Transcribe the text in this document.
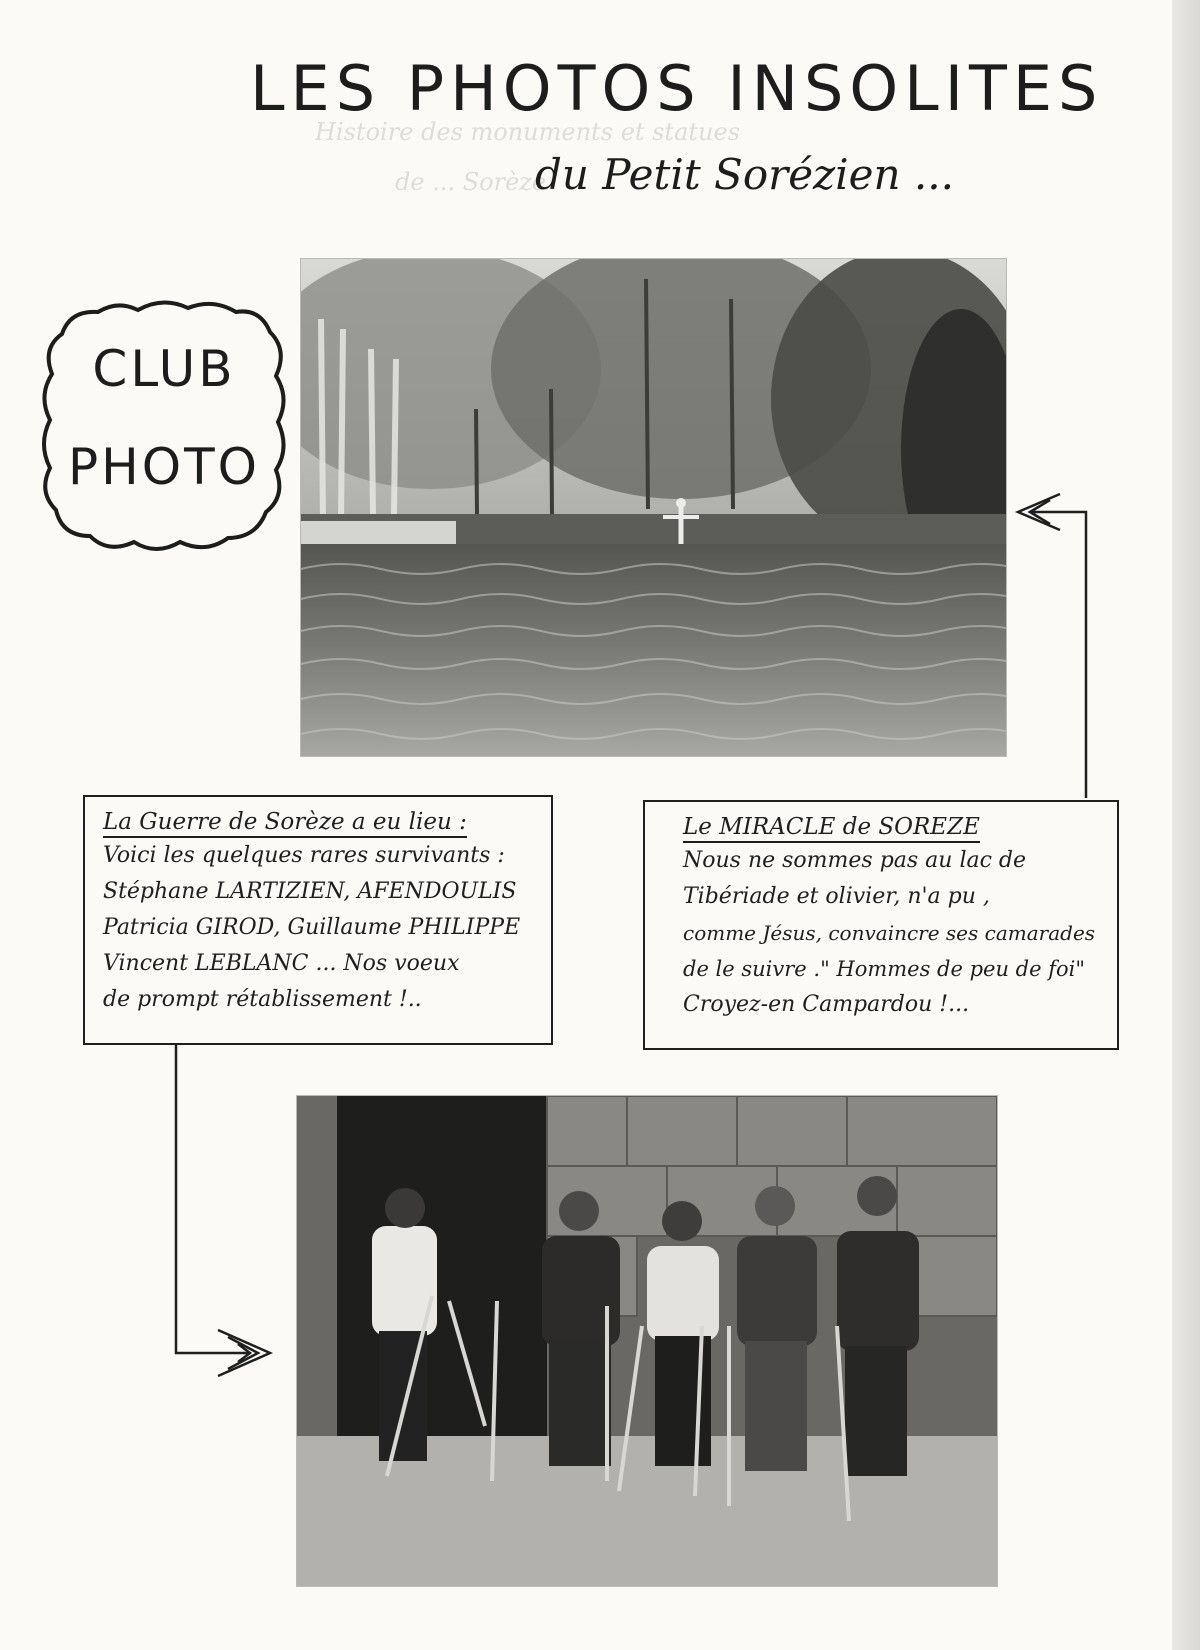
Histoire des monuments et statues
de ... Sorèze
LES PHOTOS INSOLITES
du Petit Sorézien ...
CLUB
PHOTO
La Guerre de Sorèze a eu lieu :

Voici les quelques rares survivants :

Stéphane LARTIZIEN, AFENDOULIS

Patricia GIROD, Guillaume PHILIPPE

Vincent LEBLANC ... Nos voeux

de prompt rétablissement !..

Le MIRACLE de SOREZE

Nous ne sommes pas au lac de

Tibériade et olivier, n'a pu ,

comme Jésus, convaincre ses camarades

de le suivre ." Hommes de peu de foi"

Croyez-en Campardou !...
